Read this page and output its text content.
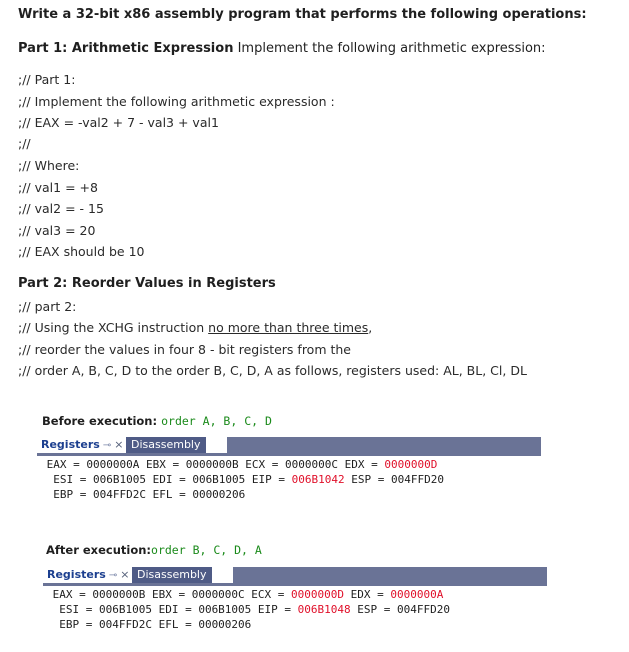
Write a 32-bit x86 assembly program that performs the following operations:
Part 1: Arithmetic Expression Implement the following arithmetic expression:
;// Part 1:
;// Implement the following arithmetic expression :
;// EAX = -val2 + 7 - val3 + val1
;//
;// Where:
;// val1 = +8
;// val2 = - 15
;// val3 = 20
;// EAX should be 10
Part 2: Reorder Values in Registers
;// part 2:
;// Using the XCHG instruction no more than three times,
;// reorder the values in four 8 - bit registers from the
;// order A, B, C, D to the order B, C, D, A as follows, registers used: AL, BL, Cl, DL
Before execution: order A, B, C, D
Registers ⊸ × Disassembly
EAX = 0000000A EBX = 0000000B ECX = 0000000C EDX = 0000000D
ESI = 006B1005 EDI = 006B1005 EIP = 006B1042 ESP = 004FFD20
EBP = 004FFD2C EFL = 00000206
After execution:order B, C, D, A
Registers ⊸ × Disassembly
EAX = 0000000B EBX = 0000000C ECX = 0000000D EDX = 0000000A
ESI = 006B1005 EDI = 006B1005 EIP = 006B1048 ESP = 004FFD20
EBP = 004FFD2C EFL = 00000206
